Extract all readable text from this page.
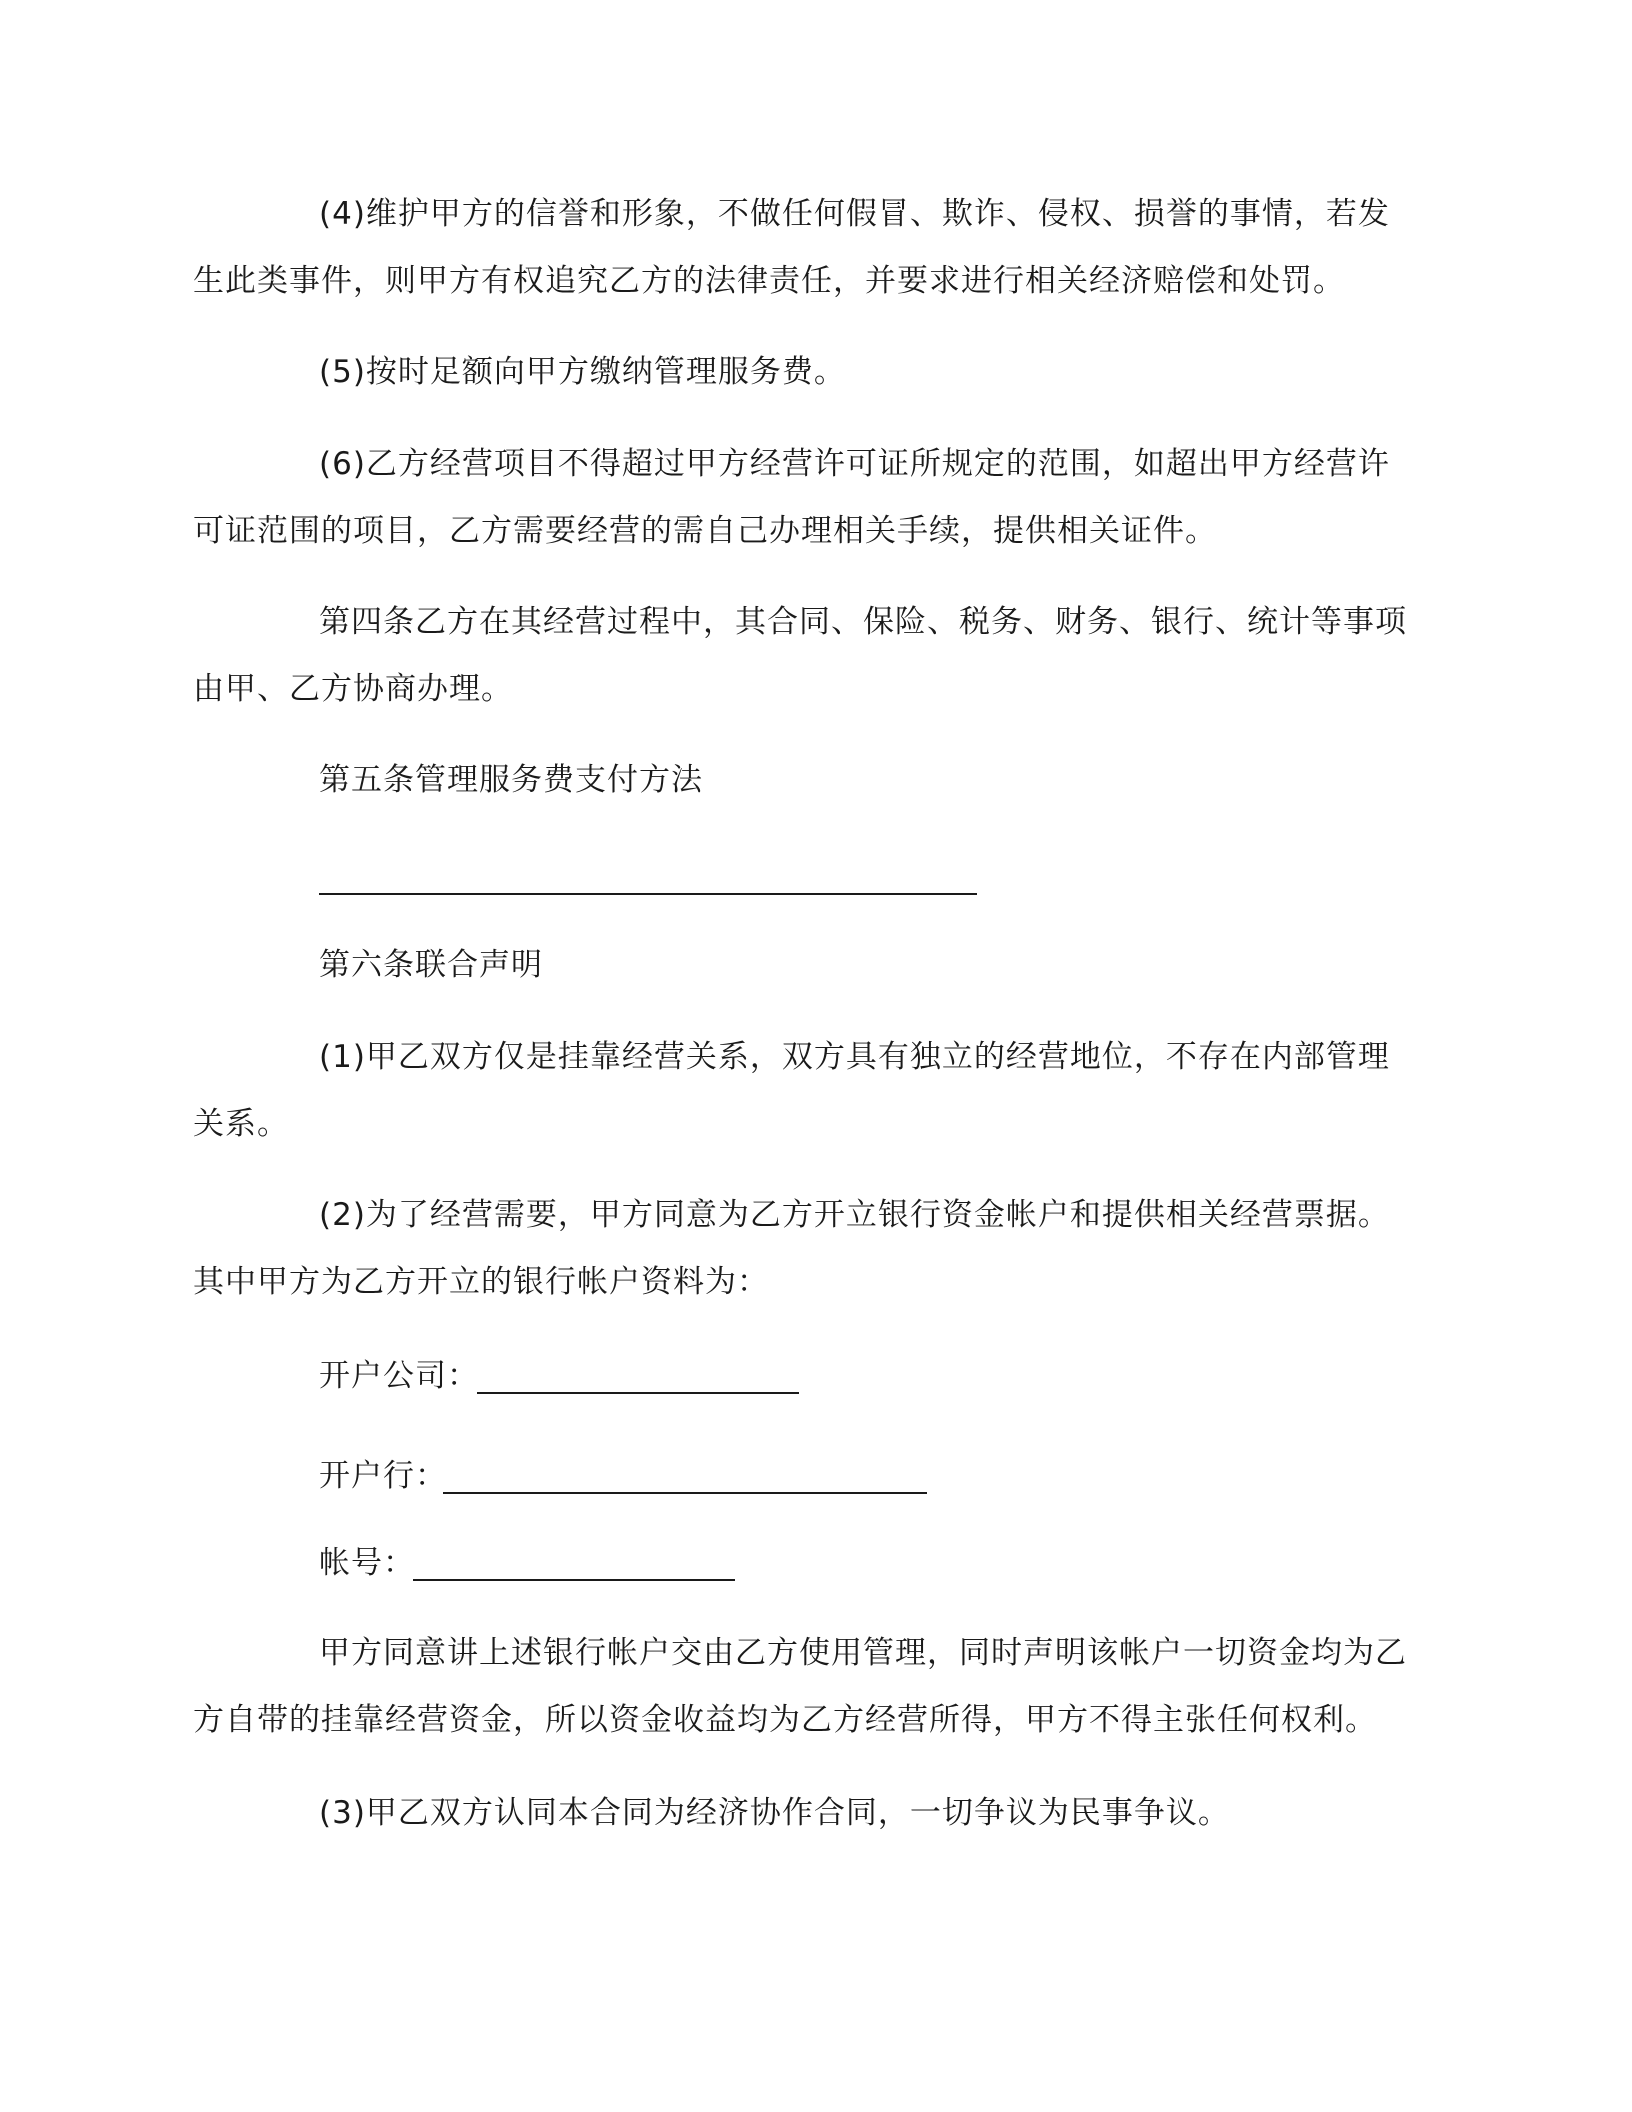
(4)维护甲方的信誉和形象，不做任何假冒、欺诈、侵权、损誉的事情，若发生此类事件，则甲方有权追究乙方的法律责任，并要求进行相关经济赔偿和处罚。

(5)按时足额向甲方缴纳管理服务费。

(6)乙方经营项目不得超过甲方经营许可证所规定的范围，如超出甲方经营许可证范围的项目，乙方需要经营的需自己办理相关手续，提供相关证件。

第四条乙方在其经营过程中，其合同、保险、税务、财务、银行、统计等事项由甲、乙方协商办理。

第五条管理服务费支付方法

第六条联合声明

(1)甲乙双方仅是挂靠经营关系，双方具有独立的经营地位，不存在内部管理关系。

(2)为了经营需要，甲方同意为乙方开立银行资金帐户和提供相关经营票据。其中甲方为乙方开立的银行帐户资料为：

开户公司：

开户行：

帐号：

甲方同意讲上述银行帐户交由乙方使用管理，同时声明该帐户一切资金均为乙方自带的挂靠经营资金，所以资金收益均为乙方经营所得，甲方不得主张任何权利。

(3)甲乙双方认同本合同为经济协作合同，一切争议为民事争议。
